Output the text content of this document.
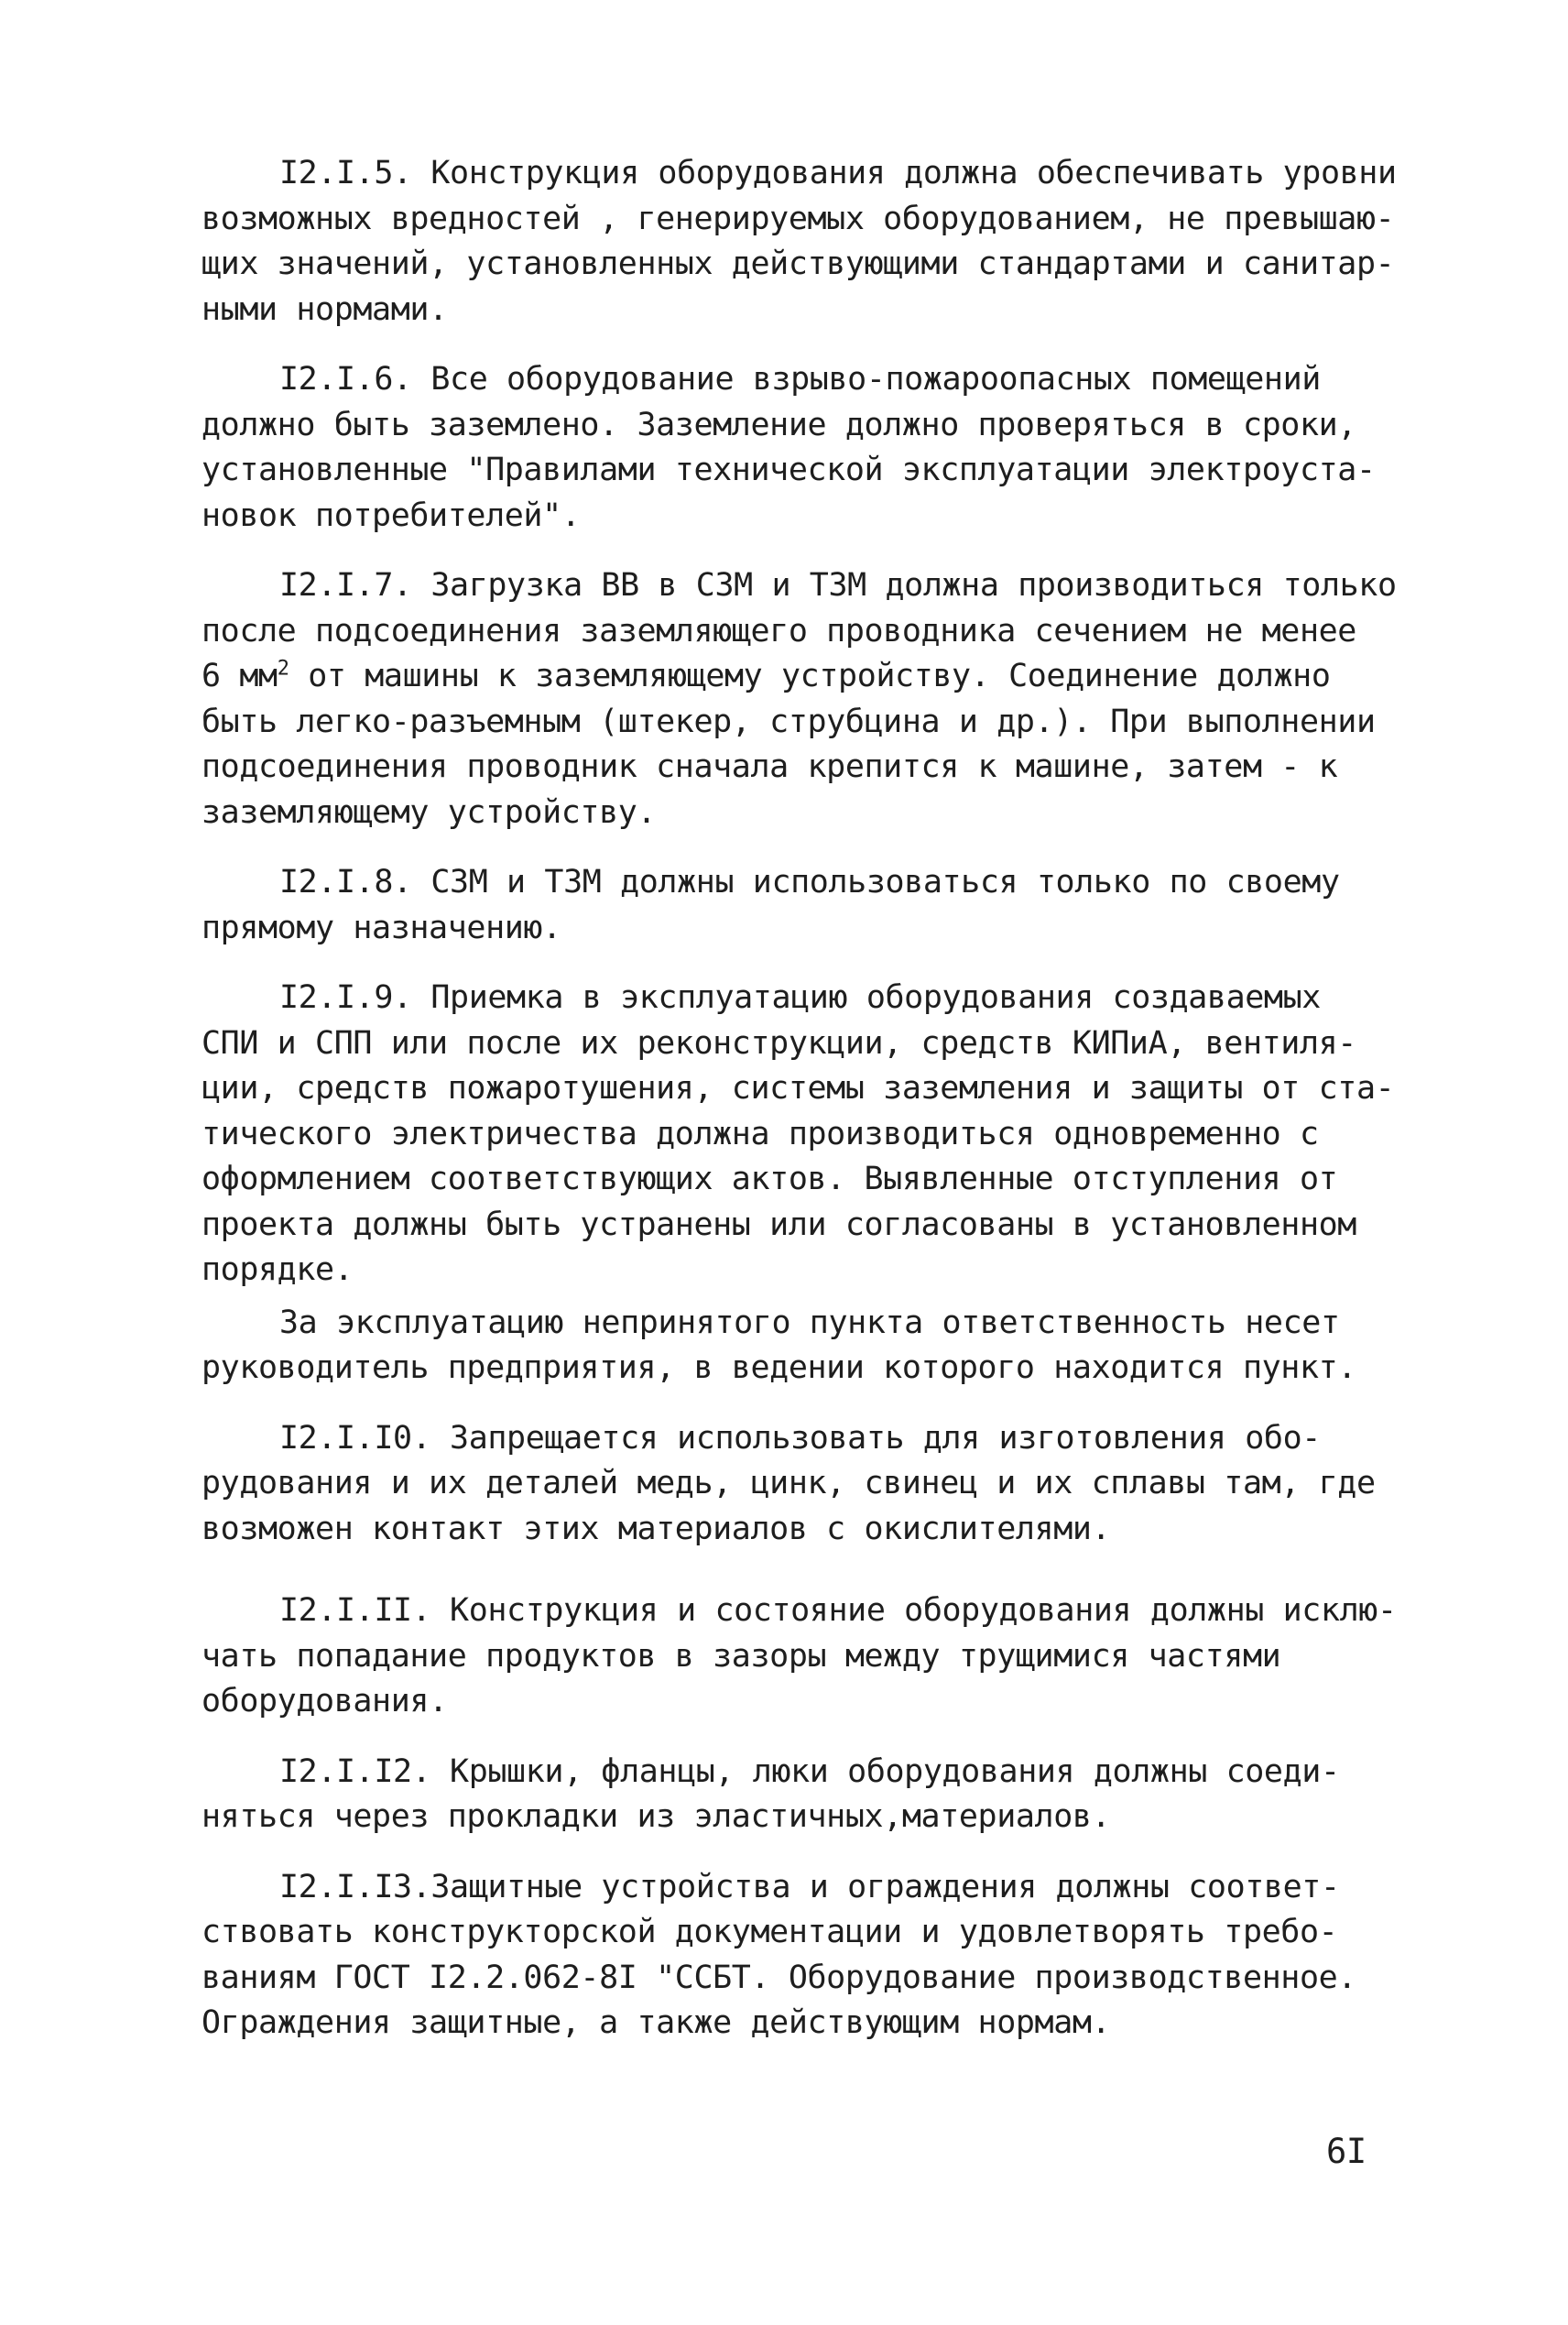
I2.I.5. Конструкция оборудования должна обеспечивать уровни
возможных вредностей , генерируемых оборудованием, не превышаю-
щих значений, установленных действующими стандартами и санитар-
ными нормами.
I2.I.6. Все оборудование взрыво-пожароопасных помещений
должно быть заземлено. Заземление должно проверяться в сроки,
установленные "Правилами технической эксплуатации электроуста-
новок потребителей".
I2.I.7. Загрузка ВВ в СЗМ и ТЗМ должна производиться только
после подсоединения заземляющего проводника сечением не менее
6 $мм^2$ от машины к заземляющему устройству. Соединение должно
быть легко-разъемным (штекер, струбцина и др.). При выполнении
подсоединения проводник сначала крепится к машине, затем - к
заземляющему устройству.
I2.I.8. СЗМ и ТЗМ должны использоваться только по своему
прямому назначению.
I2.I.9. Приемка в эксплуатацию оборудования создаваемых
СПИ и СПП или после их реконструкции, средств КИПиА, вентиля-
ции, средств пожаротушения, системы заземления и защиты от ста-
тического электричества должна производиться одновременно с
оформлением соответствующих актов. Выявленные отступления от
проекта должны быть устранены или согласованы в установленном
порядке.
За эксплуатацию непринятого пункта ответственность несет
руководитель предприятия, в ведении которого находится пункт.
I2.I.I0. Запрещается использовать для изготовления обо-
рудования и их деталей медь, цинк, свинец и их сплавы там, где
возможен контакт этих материалов с окислителями.
I2.I.II. Конструкция и состояние оборудования должны исклю-
чать попадание продуктов в зазоры между трущимися частями
оборудования.
I2.I.I2. Крышки, фланцы, люки оборудования должны соеди-
няться через прокладки из эластичных,материалов.
I2.I.I3.Защитные устройства и ограждения должны соответ-
ствовать конструкторской документации и удовлетворять требо-
ваниям ГОСТ I2.2.062-8I "ССБТ. Оборудование производственное.
Ограждения защитные, а также действующим нормам.
6I
